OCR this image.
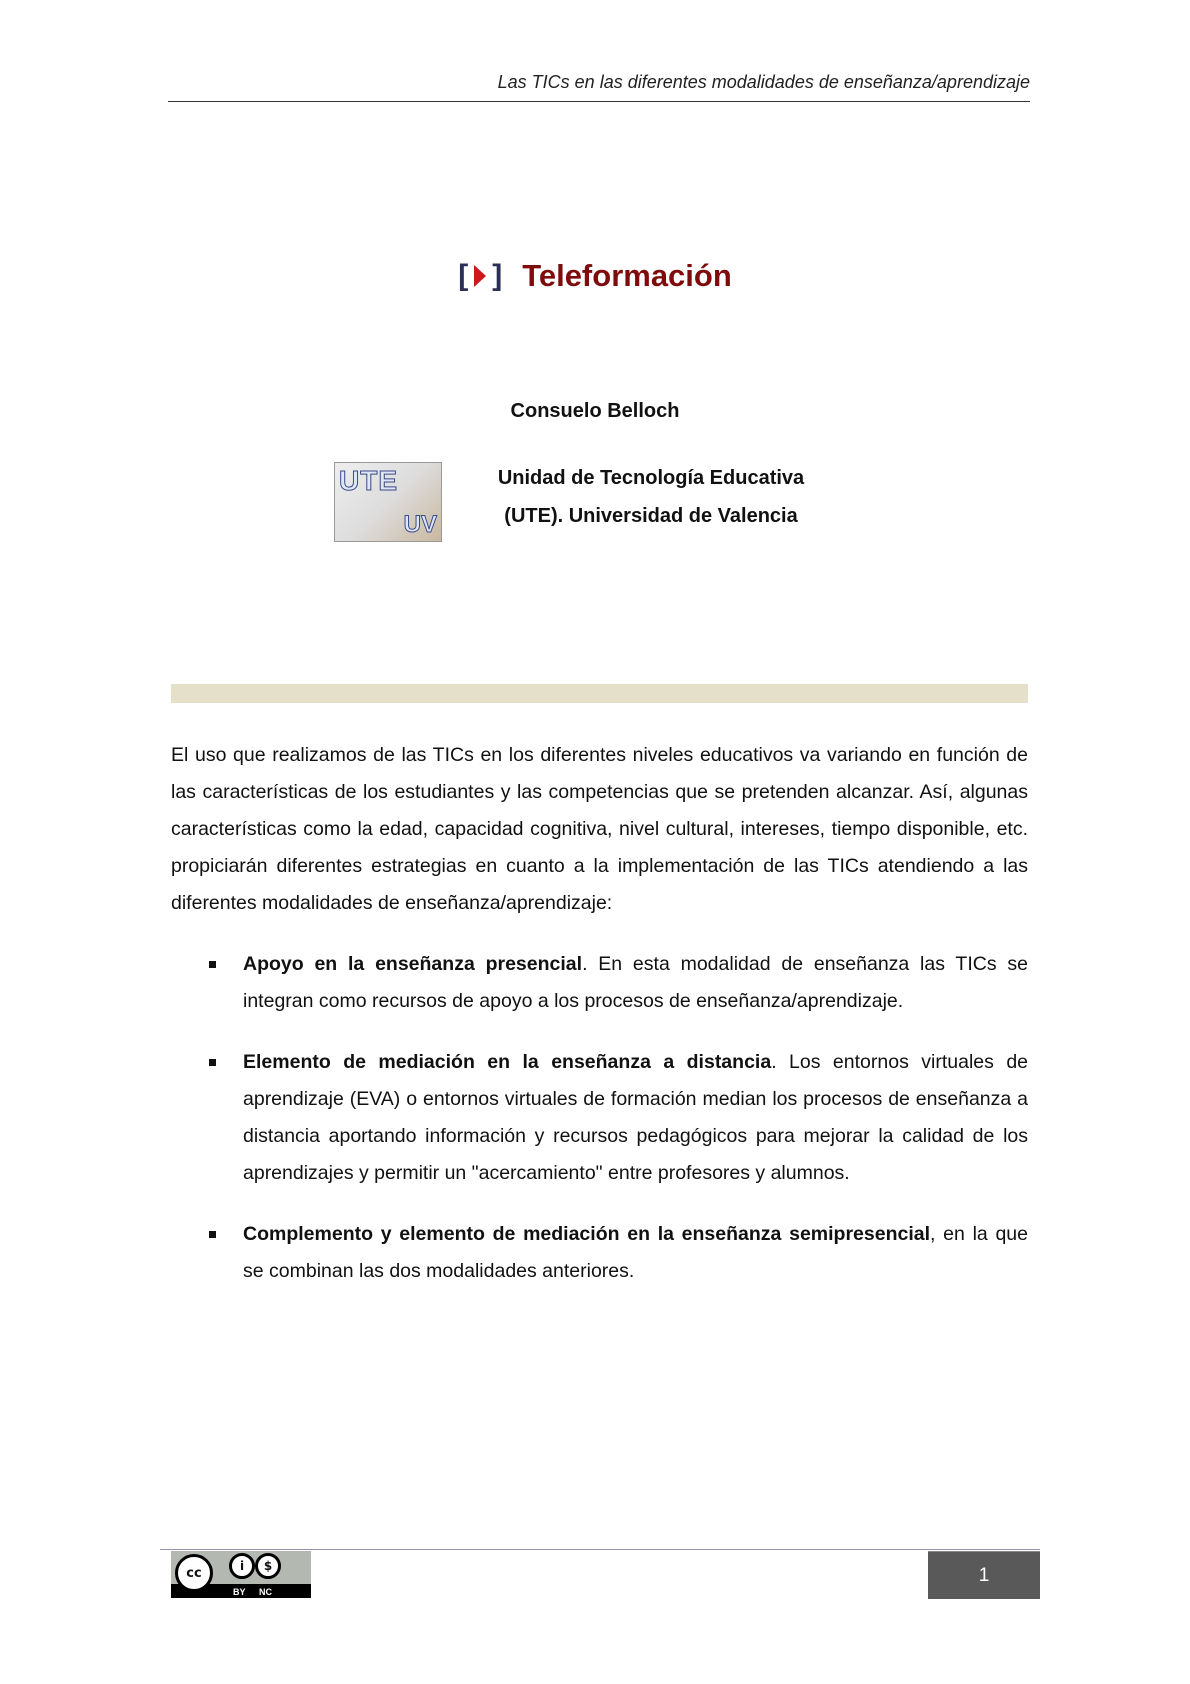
Las TICs en las diferentes modalidades de enseñanza/aprendizaje
[ ] Teleformación
Consuelo Belloch
UTE
UV
Unidad de Tecnología Educativa
(UTE). Universidad de Valencia

El uso que realizamos de las TICs en los diferentes niveles educativos va variando en función de las características de los estudiantes y las competencias que se pretenden alcanzar. Así, algunas características como la edad, capacidad cognitiva, nivel cultural, intereses, tiempo disponible, etc. propiciarán diferentes estrategias en cuanto a la implementación de las TICs atendiendo a las diferentes modalidades de enseñanza/aprendizaje:

Apoyo en la enseñanza presencial. En esta modalidad de enseñanza las TICs se integran como recursos de apoyo a los procesos de enseñanza/aprendizaje.
Elemento de mediación en la enseñanza a distancia. Los entornos virtuales de aprendizaje (EVA) o entornos virtuales de formación median los procesos de enseñanza a distancia aportando información y recursos pedagógicos para mejorar la calidad de los aprendizajes y permitir un "acercamiento" entre profesores y alumnos.
Complemento y elemento de mediación en la enseñanza semipresencial, en la que se combinan las dos modalidades anteriores.
cc	i	$
BY NC
1
